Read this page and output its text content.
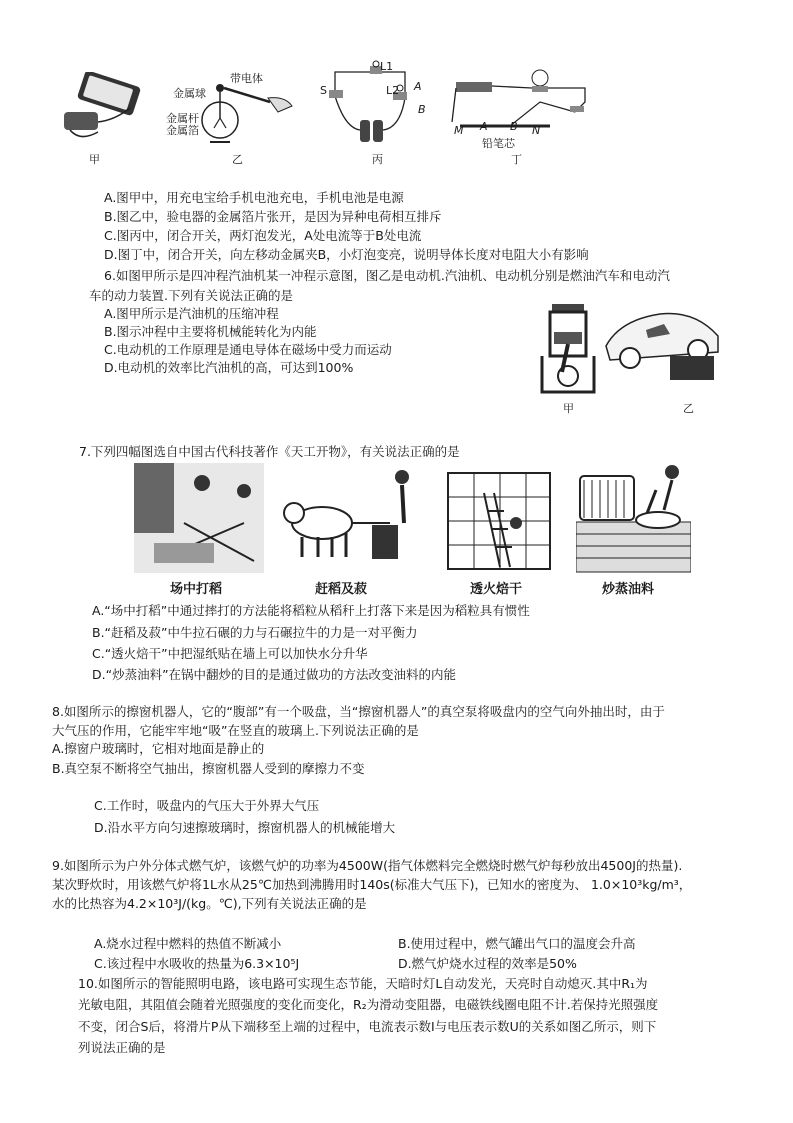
甲
带电体
金属球
金属杆
金属箔
乙
S
L1
L2 A
B
丙
M A B N
铅笔芯
丁
A.图甲中，用充电宝给手机电池充电，手机电池是电源
B.图乙中，验电器的金属箔片张开，是因为异种电荷相互排斥
C.图丙中，闭合开关，两灯泡发光，A处电流等于B处电流
D.图丁中，闭合开关，向左移动金属夹B，小灯泡变亮，说明导体长度对电阻大小有影响
6.如图甲所示是四冲程汽油机某一冲程示意图，图乙是电动机.汽油机、电动机分别是燃油汽车和电动汽
车的动力装置.下列有关说法正确的是
A.图甲所示是汽油机的压缩冲程
B.图示冲程中主要将机械能转化为内能
C.电动机的工作原理是通电导体在磁场中受力而运动
D.电动机的效率比汽油机的高，可达到100%
甲	乙
7.下列四幅图选自中国古代科技著作《天工开物》，有关说法正确的是
场中打稻	赶稻及菽	透火焙干	炒蒸油料
A.“场中打稻”中通过摔打的方法能将稻粒从稻秆上打落下来是因为稻粒具有惯性
B.“赶稻及菽”中牛拉石碾的力与石碾拉牛的力是一对平衡力
C.“透火焙干”中把湿纸贴在墙上可以加快水分升华
D.“炒蒸油料”在锅中翻炒的目的是通过做功的方法改变油料的内能
8.如图所示的擦窗机器人，它的“腹部”有一个吸盘，当“擦窗机器人”的真空泵将吸盘内的空气向外抽出时，由于
大气压的作用，它能牢牢地“吸”在竖直的玻璃上.下列说法正确的是
A.擦窗户玻璃时，它相对地面是静止的
B.真空泵不断将空气抽出，擦窗机器人受到的摩擦力不变
C.工作时，吸盘内的气压大于外界大气压
D.沿水平方向匀速擦玻璃时，擦窗机器人的机械能增大
9.如图所示为户外分体式燃气炉，该燃气炉的功率为4500W(指气体燃料完全燃烧时燃气炉每秒放出4500J的热量).
某次野炊时，用该燃气炉将1L水从25℃加热到沸腾用时140s(标准大气压下)，已知水的密度为、 1.0×10³kg/m³，
水的比热容为4.2×10³J/(kg。℃),下列有关说法正确的是
A.烧水过程中燃料的热值不断减小	B.使用过程中，燃气罐出气口的温度会升高
C.该过程中水吸收的热量为6.3×10⁵J	D.燃气炉烧水过程的效率是50%
10.如图所示的智能照明电路，该电路可实现生态节能，天暗时灯L自动发光，天亮时自动熄灭.其中R₁为
光敏电阻，其阻值会随着光照强度的变化而变化，R₂为滑动变阻器，电磁铁线圈电阻不计.若保持光照强度
不变，闭合S后，将滑片P从下端移至上端的过程中，电流表示数I与电压表示数U的关系如图乙所示，则下
列说法正确的是
